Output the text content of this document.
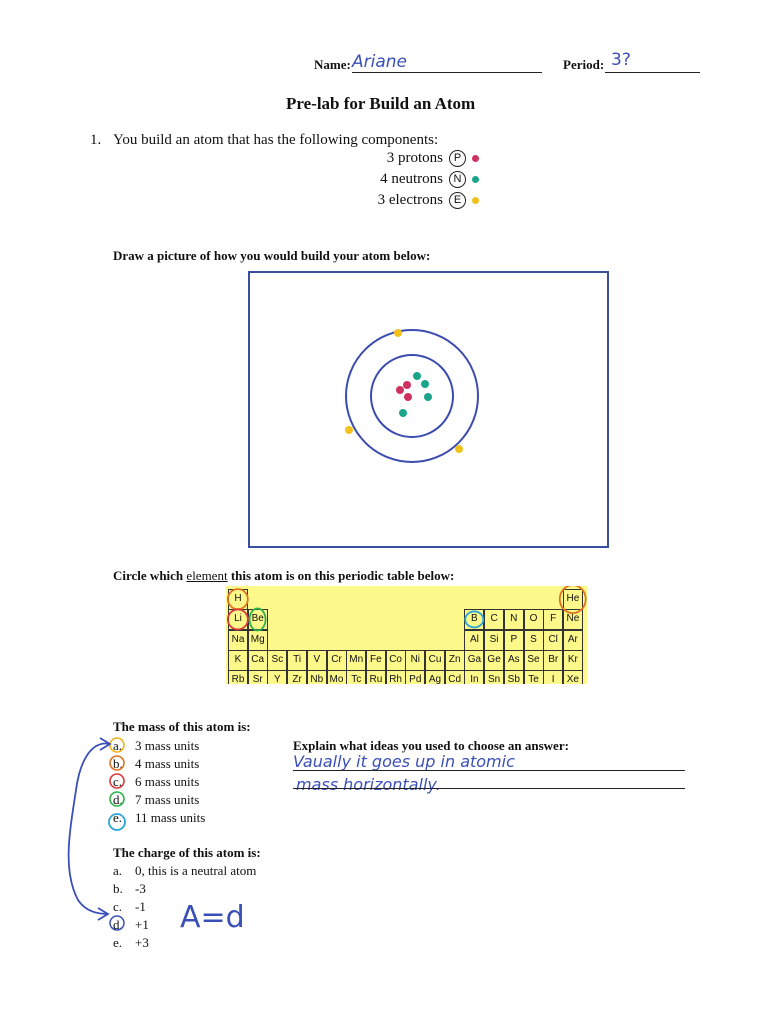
Name: Ariane	Period: 3?
Pre-lab for Build an Atom
1. You build an atom that has the following components:
3 protons P
4 neutrons N
3 electrons E
Draw a picture of how you would build your atom below:
Circle which element this atom is on this periodic table below:
H	He
Li Be	B	C	N	O	F	Ne
Na Mg	Al	Si	P	S	Cl Ar
K Ca Sc Ti	V	Cr Mn Fe Co Ni Cu Zn Ga Ge As Se Br Kr
Rb Sr	Y	Zr Nb Mo Tc Ru Rh Pd Ag Cd In Sn Sb Te	I	Xe
The mass of this atom is:
a. 3 mass units
b. 4 mass units
c. 6 mass units
d. 7 mass units
e. 11 mass units
Explain what ideas you used to choose an answer:
Vaually it goes up in atomic
mass horizontally.
The charge of this atom is:
a. 0, this is a neutral atom
b. -3
c. -1
d. +1
e. +3
A=d
